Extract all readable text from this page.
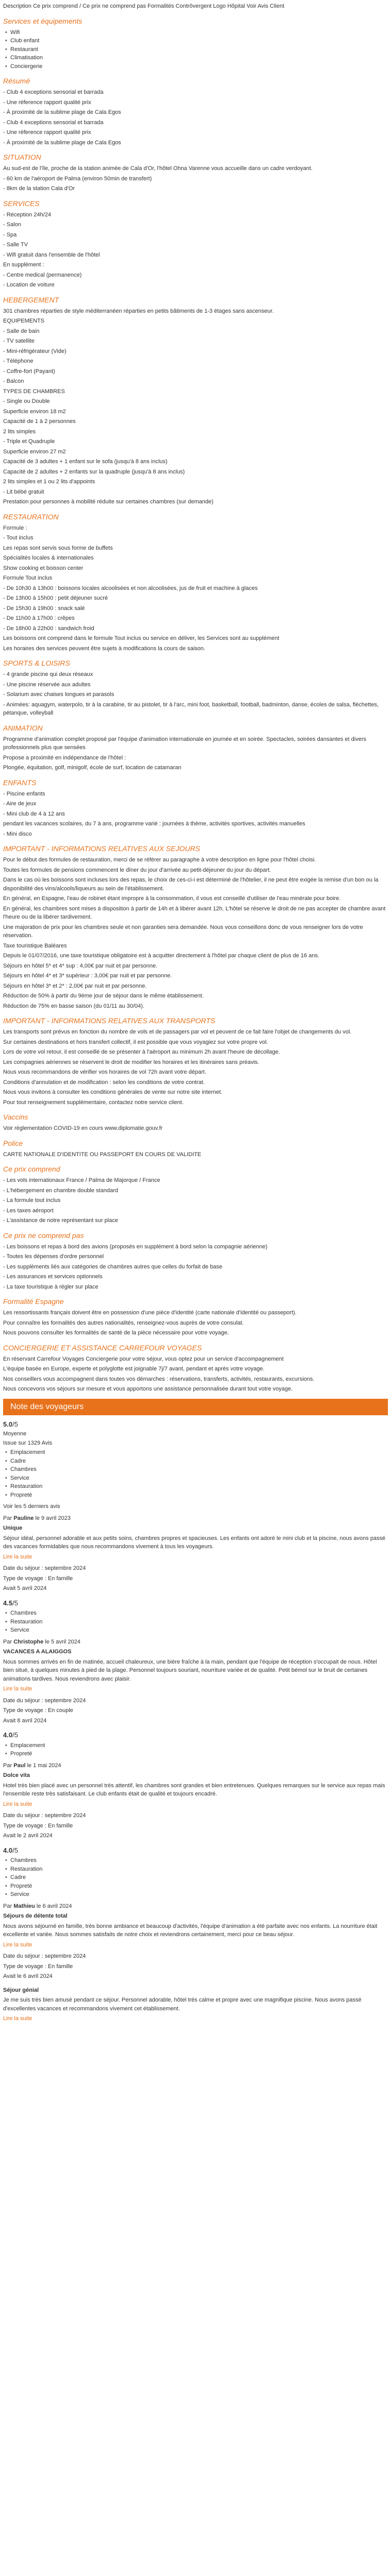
Description Ce prix comprend / Ce prix ne comprend pas Formalités Contrôvergent Logo Hôpital Voir Avis Client

Services et équipements
• Wifi
• Club enfant
• Restaurant
• Climatisation
• Conciergerie
Résumé

- Club 4 exceptions sensorial et barrada

- Une réference rapport qualité prix

- À proximité de la sublime plage de Cala Egos

- Club 4 exceptions sensorial et barrada

- Une réference rapport qualité prix

- À proximité de la sublime plage de Cala Egos

SITUATION

Au sud-est de l'île, proche de la station animée de Cala d'Or, l'hôtel Ohna Varenne vous accueille dans un cadre verdoyant.

- 60 km de l'aéroport de Palma (environ 50min de transfert)

- 8km de la station Cala d'Or

SERVICES

- Réception 24h/24

- Salon

- Spa

- Salle TV

- Wifi gratuit dans l'ensemble de l'hôtel

En supplément :

- Centre medical (permanence)

- Location de voiture

HEBERGEMENT

301 chambres réparties de style méditerranéen réparties en petits bâtiments de 1-3 étages sans ascenseur.

EQUIPEMENTS

- Salle de bain

- TV satellite

- Mini-réfrigérateur (Vide)

- Téléphone

- Coffre-fort (Payant)

- Balcon

TYPES DE CHAMBRES

- Single ou Double

Superficie environ 18 m2

Capacité de 1 à 2 personnes

2 lits simples

- Triple et Quadruple

Superficie environ 27 m2

Capacité de 3 adultes + 1 enfant sur le sofa (jusqu'à 8 ans inclus)

Capacité de 2 adultes + 2 enfants sur la quadruple (jusqu'à 8 ans inclus)

2 lits simples et 1 ou 2 lits d'appoints

- Lit bébé gratuit

Prestation pour personnes à mobilité réduite sur certaines chambres (sur demande)

RESTAURATION

Formule :

- Tout inclus

Les repas sont servis sous forme de buffets

Spécialités locales & internationales

Show cooking et boisson center

Formule Tout inclus

- De 10h30 à 13h00 : boissons locales alcoolisées et non alcoolisées, jus de fruit et machine à glaces

- De 13h00 à 15h00 : petit déjeuner sucré

- De 15h30 à 19h00 : snack salé

- De 11h00 à 17h00 : crêpes

- De 18h00 à 22h00 : sandwich froid

Les boissons ont comprend dans le formule Tout inclus ou service en déliver, les Services sont au supplément

Les horaires des services peuvent être sujets à modifications la cours de saison.

SPORTS & LOISIRS

- 4 grande piscine qui deux réseaux

- Une piscine réservée aux adultes

- Solarium avec chaises longues et parasols

- Animées: aquagym, waterpolo, tir à la carabine, tir au pistolet, tir à l'arc, mini foot, basketball, football, badminton, danse, écoles de salsa, fléchettes, pétanque, volleyball

ANIMATION

Programme d'animation complet proposé par l'équipe d'animation internationale en journée et en soirée. Spectacles, soirées dansantes et divers professionnels plus que sensées

Propose a proximité en indépendance de l'hôtel :

Plongée, équitation, golf, minigolf, école de surf, location de catamaran

ENFANTS

- Piscine enfants

- Aire de jeux

- Mini club de 4 à 12 ans

pendant les vacances scolaires, du 7 à ans, programme varié : journées à thème, activités sportives, activités manuelles

- Mini disco

IMPORTANT - INFORMATIONS RELATIVES AUX SEJOURS

Pour le début des formules de restauration, merci de se référer au paragraphe à votre description en ligne pour l'hôtel choisi.

Toutes les formules de pensions commencent le dîner du jour d'arrivée au petit-déjeuner du jour du départ.

Dans le cas où les boissons sont incluses lors des repas, le choix de ces-ci-i est déterminé de l'hôtelier, il ne peut être exigée la remise d'un bon ou la disponibilité des vins/alcools/liqueurs au sein de l'établissement.

En général, en Espagne, l'eau de robinet étant impropre à la consommation, il vous est conseillé d'utiliser de l'eau minérale pour boire.

En général, les chambres sont mises à disposition à partir de 14h et à libérer avant 12h. L'hôtel se réserve le droit de ne pas accepter de chambre avant l'heure ou de la libérer tardivement.

Une majoration de prix pour les chambres seule et non garanties sera demandée. Nous vous conseillons donc de vous renseigner lors de votre réservation.

Taxe touristique Baléares

Depuis le 01/07/2016, une taxe touristique obligatoire est à acquitter directement à l'hôtel par chaque client de plus de 16 ans.

Séjours en hôtel 5* et 4* sup : 4,00€ par nuit et par personne.

Séjours en hôtel 4* et 3* supérieur : 3,00€ par nuit et par personne.

Séjours en hôtel 3* et 2* : 2,00€ par nuit et par personne.

Réduction de 50% à partir du 9ème jour de séjour dans le même établissement.

Réduction de 75% en basse saison (du 01/11 au 30/04).

IMPORTANT - INFORMATIONS RELATIVES AUX TRANSPORTS

Les transports sont prévus en fonction du nombre de vols et de passagers par vol et peuvent de ce fait faire l'objet de changements du vol.

Sur certaines destinations et hors transfert collectif, il est possible que vous voyagiez sur votre propre vol.

Lors de votre vol retour, il est conseillé de se présenter à l'aéroport au minimum 2h avant l'heure de décollage.

Les compagnies aériennes se réservent le droit de modifier les horaires et les itinéraires sans préavis.

Nous vous recommandons de vérifier vos horaires de vol 72h avant votre départ.

Conditions d'annulation et de modification : selon les conditions de votre contrat.

Nous vous invitons à consulter les conditions générales de vente sur notre site internet.

Pour tout renseignement supplémentaire, contactez notre service client.

Vaccins

Voir règlementation COVID-19 en cours www.diplomatie.gouv.fr

Police

CARTE NATIONALE D'IDENTITE OU PASSEPORT EN COURS DE VALIDITE

Ce prix comprend

- Les vols internationaux France / Palma de Majorque / France

- L'hébergement en chambre double standard

- La formule tout inclus

- Les taxes aéroport

- L'assistance de notre représentant sur place

Ce prix ne comprend pas

- Les boissons et repas à bord des avions (proposés en supplément à bord selon la compagnie aérienne)

- Toutes les dépenses d'ordre personnel

- Les suppléments liés aux catégories de chambres autres que celles du forfait de base

- Les assurances et services optionnels

- La taxe touristique à régler sur place

Formalité Espagne

Les ressortissants français doivent être en possession d'une pièce d'identité (carte nationale d'identité ou passeport).

Pour connaître les formalités des autres nationalités, renseignez-vous auprès de votre consulat.

Nous pouvons consulter les formalités de santé de la pièce nécessaire pour votre voyage.

CONCIERGERIE ET ASSISTANCE CARREFOUR VOYAGES

En réservant Carrefour Voyages Conciergerie pour votre séjour, vous optez pour un service d'accompagnement

L'équipe basée en Europe, experte et polyglotte est joignable 7j/7 avant, pendant et après votre voyage.

Nos conseillers vous accompagnent dans toutes vos démarches : réservations, transferts, activités, restaurants, excursions.

Nous concevons vos séjours sur mesure et vous apportons une assistance personnalisée durant tout votre voyage.

Note des voyageurs

5.0/5

Moyenne

Issue sur 1329 Avis

• Emplacement
• Cadre
• Chambres
• Service
• Restauration
• Propreté

Voir les 5 derniers avis

Par Pauline le 9 avril 2023

Unique

Séjour idéal, personnel adorable et aux petits soins, chambres propres et spacieuses. Les enfants ont adoré le mini club et la piscine, nous avons passé des vacances formidables que nous recommandons vivement à tous les voyageurs.

Lire la suite

Date du séjour : septembre 2024

Type de voyage : En famille

Avait 5 avril 2024

4.5/5

• Chambres
• Restauration
• Service

Par Christophe le 5 avril 2024

VACANCES A ALAIGGOS

Nous sommes arrivés en fin de matinée, accueil chaleureux, une bière fraîche à la main, pendant que l'équipe de réception s'occupait de nous. Hôtel bien situé, à quelques minutes à pied de la plage. Personnel toujours souriant, nourriture variée et de qualité. Petit bémol sur le bruit de certaines animations tardives. Nous reviendrons avec plaisir.

Lire la suite

Date du séjour : septembre 2024

Type de voyage : En couple

Avait 8 avril 2024

4.0/5

• Emplacement
• Propreté

Par Paul le 1 mai 2024

Dolce vita

Hotel très bien placé avec un personnel très attentif, les chambres sont grandes et bien entretenues. Quelques remarques sur le service aux repas mais l'ensemble reste très satisfaisant. Le club enfants était de qualité et toujours encadré.

Lire la suite

Date du séjour : septembre 2024

Type de voyage : En famille

Avait le 2 avril 2024

4.0/5

• Chambres
• Restauration
• Cadre
• Propreté
• Service

Par Mathieu le 6 avril 2024

Séjours de détente total

Nous avons séjourné en famille, très bonne ambiance et beaucoup d'activités, l'équipe d'animation a été parfaite avec nos enfants. La nourriture était excellente et variée. Nous sommes satisfaits de notre choix et reviendrons certainement, merci pour ce beau séjour.

Lire la suite

Date du séjour : septembre 2024

Type de voyage : En famille

Avait le 6 avril 2024

Séjour génial

Je me suis très bien amusé pendant ce séjour. Personnel adorable, hôtel très calme et propre avec une magnifique piscine. Nous avons passé d'excellentes vacances et recommandons vivement cet établissement.

Lire la suite
